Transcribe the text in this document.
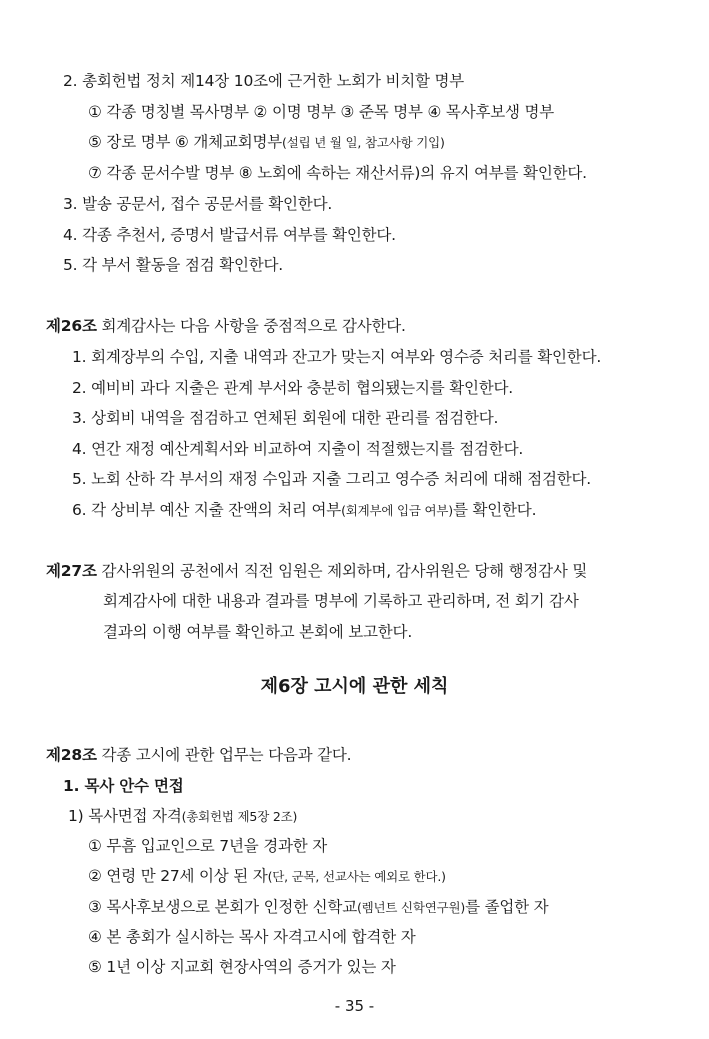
2. 총회헌법 정치 제14장 10조에 근거한 노회가 비치할 명부
① 각종 명칭별 목사명부 ② 이명 명부 ③ 준목 명부 ④ 목사후보생 명부
⑤ 장로 명부 ⑥ 개체교회명부(설립 년 월 일, 참고사항 기입)
⑦ 각종 문서수발 명부 ⑧ 노회에 속하는 재산서류)의 유지 여부를 확인한다.
3. 발송 공문서, 접수 공문서를 확인한다.
4. 각종 추천서, 증명서 발급서류 여부를 확인한다.
5. 각 부서 활동을 점검 확인한다.
제26조 회계감사는 다음 사항을 중점적으로 감사한다.
1. 회계장부의 수입, 지출 내역과 잔고가 맞는지 여부와 영수증 처리를 확인한다.
2. 예비비 과다 지출은 관계 부서와 충분히 협의됐는지를 확인한다.
3. 상회비 내역을 점검하고 연체된 회원에 대한 관리를 점검한다.
4. 연간 재정 예산계획서와 비교하여 지출이 적절했는지를 점검한다.
5. 노회 산하 각 부서의 재정 수입과 지출 그리고 영수증 처리에 대해 점검한다.
6. 각 상비부 예산 지출 잔액의 처리 여부(회계부에 입금 여부)를 확인한다.
제27조 감사위원의 공천에서 직전 임원은 제외하며, 감사위원은 당해 행정감사 및
회계감사에 대한 내용과 결과를 명부에 기록하고 관리하며, 전 회기 감사
결과의 이행 여부를 확인하고 본회에 보고한다.
제6장 고시에 관한 세칙
제28조 각종 고시에 관한 업무는 다음과 같다.
1. 목사 안수 면접
1) 목사면접 자격(총회헌법 제5장 2조)
① 무흠 입교인으로 7년을 경과한 자
② 연령 만 27세 이상 된 자(단, 군목, 선교사는 예외로 한다.)
③ 목사후보생으로 본회가 인정한 신학교(렘넌트 신학연구원)를 졸업한 자
④ 본 총회가 실시하는 목사 자격고시에 합격한 자
⑤ 1년 이상 지교회 현장사역의 증거가 있는 자
- 35 -
